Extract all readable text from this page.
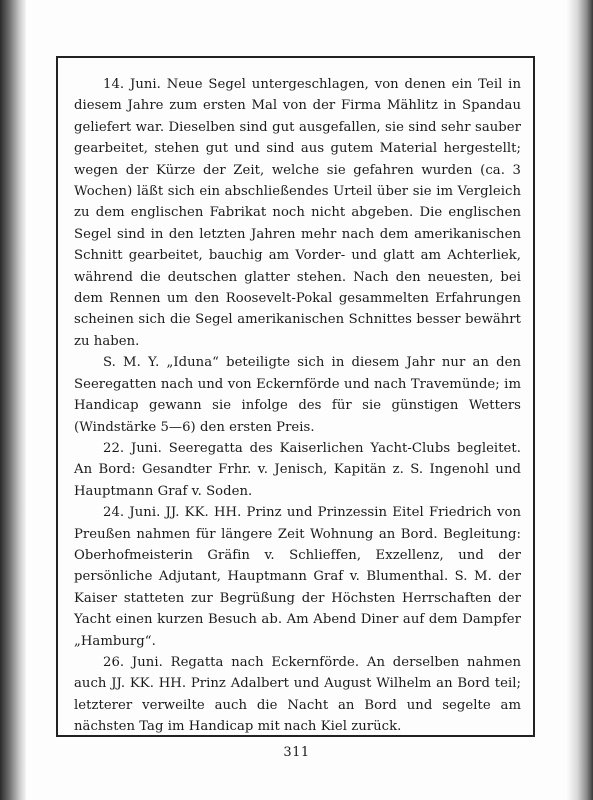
14. Juni. Neue Segel untergeschlagen, von denen ein Teil in diesem Jahre zum ersten Mal von der Firma Mählitz in Spandau geliefert war. Dieselben sind gut ausgefallen, sie sind sehr sauber gearbeitet, stehen gut und sind aus gutem Material hergestellt; wegen der Kürze der Zeit, welche sie gefahren wurden (ca. 3 Wochen) läßt sich ein abschließendes Urteil über sie im Vergleich zu dem englischen Fabrikat noch nicht abgeben. Die englischen Segel sind in den letzten Jahren mehr nach dem amerikanischen Schnitt gearbeitet, bauchig am Vorder- und glatt am Achterliek, während die deutschen glatter stehen. Nach den neuesten, bei dem Rennen um den Roosevelt-Pokal gesammelten Erfahrungen scheinen sich die Segel amerikanischen Schnittes besser bewährt zu haben.

S. M. Y. „Iduna“ beteiligte sich in diesem Jahr nur an den Seeregatten nach und von Eckernförde und nach Travemünde; im Handicap gewann sie infolge des für sie günstigen Wetters (Windstärke 5—6) den ersten Preis.

22. Juni. Seeregatta des Kaiserlichen Yacht-Clubs begleitet. An Bord: Gesandter Frhr. v. Jenisch, Kapitän z. S. Ingenohl und Hauptmann Graf v. Soden.

24. Juni. JJ. KK. HH. Prinz und Prinzessin Eitel Friedrich von Preußen nahmen für längere Zeit Wohnung an Bord. Begleitung: Oberhofmeisterin Gräfin v. Schlieffen, Exzellenz, und der persönliche Adjutant, Hauptmann Graf v. Blumenthal. S. M. der Kaiser statteten zur Begrüßung der Höchsten Herrschaften der Yacht einen kurzen Besuch ab. Am Abend Diner auf dem Dampfer „Hamburg“.

26. Juni. Regatta nach Eckernförde. An derselben nahmen auch JJ. KK. HH. Prinz Adalbert und August Wilhelm an Bord teil; letzterer verweilte auch die Nacht an Bord und segelte am nächsten Tag im Handicap mit nach Kiel zurück.

311
